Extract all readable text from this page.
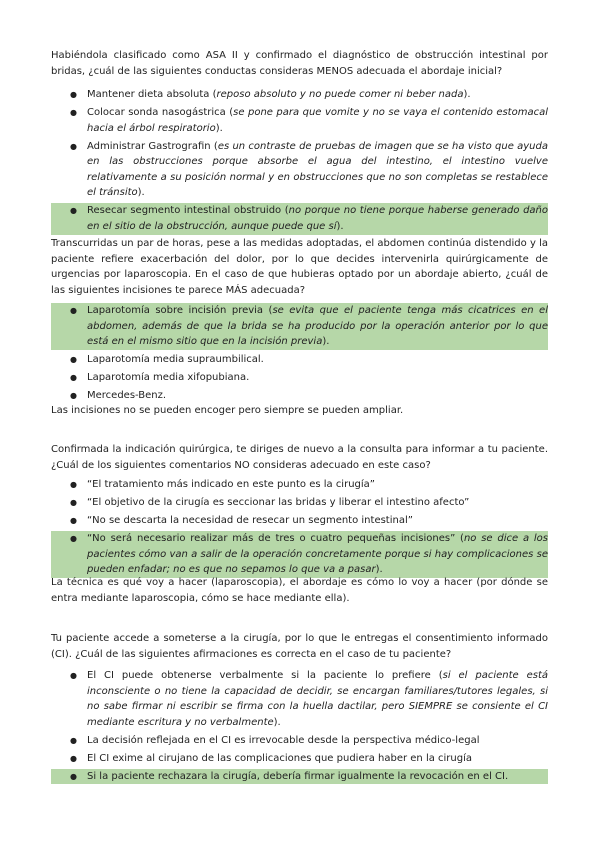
Habiéndola clasificado como ASA II y confirmado el diagnóstico de obstrucción intestinal por bridas, ¿cuál de las siguientes conductas consideras MENOS adecuada el abordaje inicial?

● Mantener dieta absoluta (reposo absoluto y no puede comer ni beber nada).
● Colocar sonda nasogástrica (se pone para que vomite y no se vaya el contenido estomacal hacia el árbol respiratorio).
● Administrar Gastrografin (es un contraste de pruebas de imagen que se ha visto que ayuda en las obstrucciones porque absorbe el agua del intestino, el intestino vuelve relativamente a su posición normal y en obstrucciones que no son completas se restablece el tránsito).
● Resecar segmento intestinal obstruido (no porque no tiene porque haberse generado daño en el sitio de la obstrucción, aunque puede que sí).

Transcurridas un par de horas, pese a las medidas adoptadas, el abdomen continúa distendido y la paciente refiere exacerbación del dolor, por lo que decides intervenirla quirúrgicamente de urgencias por laparoscopia. En el caso de que hubieras optado por un abordaje abierto, ¿cuál de las siguientes incisiones te parece MÁS adecuada?

● Laparotomía sobre incisión previa (se evita que el paciente tenga más cicatrices en el abdomen, además de que la brida se ha producido por la operación anterior por lo que está en el mismo sitio que en la incisión previa).
● Laparotomía media supraumbilical.
● Laparotomía media xifopubiana.
● Mercedes-Benz.

Las incisiones no se pueden encoger pero siempre se pueden ampliar.

Confirmada la indicación quirúrgica, te diriges de nuevo a la consulta para informar a tu paciente. ¿Cuál de los siguientes comentarios NO consideras adecuado en este caso?

● “El tratamiento más indicado en este punto es la cirugía”
● “El objetivo de la cirugía es seccionar las bridas y liberar el intestino afecto”
● “No se descarta la necesidad de resecar un segmento intestinal”
● “No será necesario realizar más de tres o cuatro pequeñas incisiones” (no se dice a los pacientes cómo van a salir de la operación concretamente porque si hay complicaciones se pueden enfadar; no es que no sepamos lo que va a pasar).

La técnica es qué voy a hacer (laparoscopia), el abordaje es cómo lo voy a hacer (por dónde se entra mediante laparoscopia, cómo se hace mediante ella).

Tu paciente accede a someterse a la cirugía, por lo que le entregas el consentimiento informado (CI). ¿Cuál de las siguientes afirmaciones es correcta en el caso de tu paciente?

● El CI puede obtenerse verbalmente si la paciente lo prefiere (si el paciente está inconsciente o no tiene la capacidad de decidir, se encargan familiares/tutores legales, si no sabe firmar ni escribir se firma con la huella dactilar, pero SIEMPRE se consiente el CI mediante escritura y no verbalmente).
● La decisión reflejada en el CI es irrevocable desde la perspectiva médico-legal
● El CI exime al cirujano de las complicaciones que pudiera haber en la cirugía
● Si la paciente rechazara la cirugía, debería firmar igualmente la revocación en el CI.
